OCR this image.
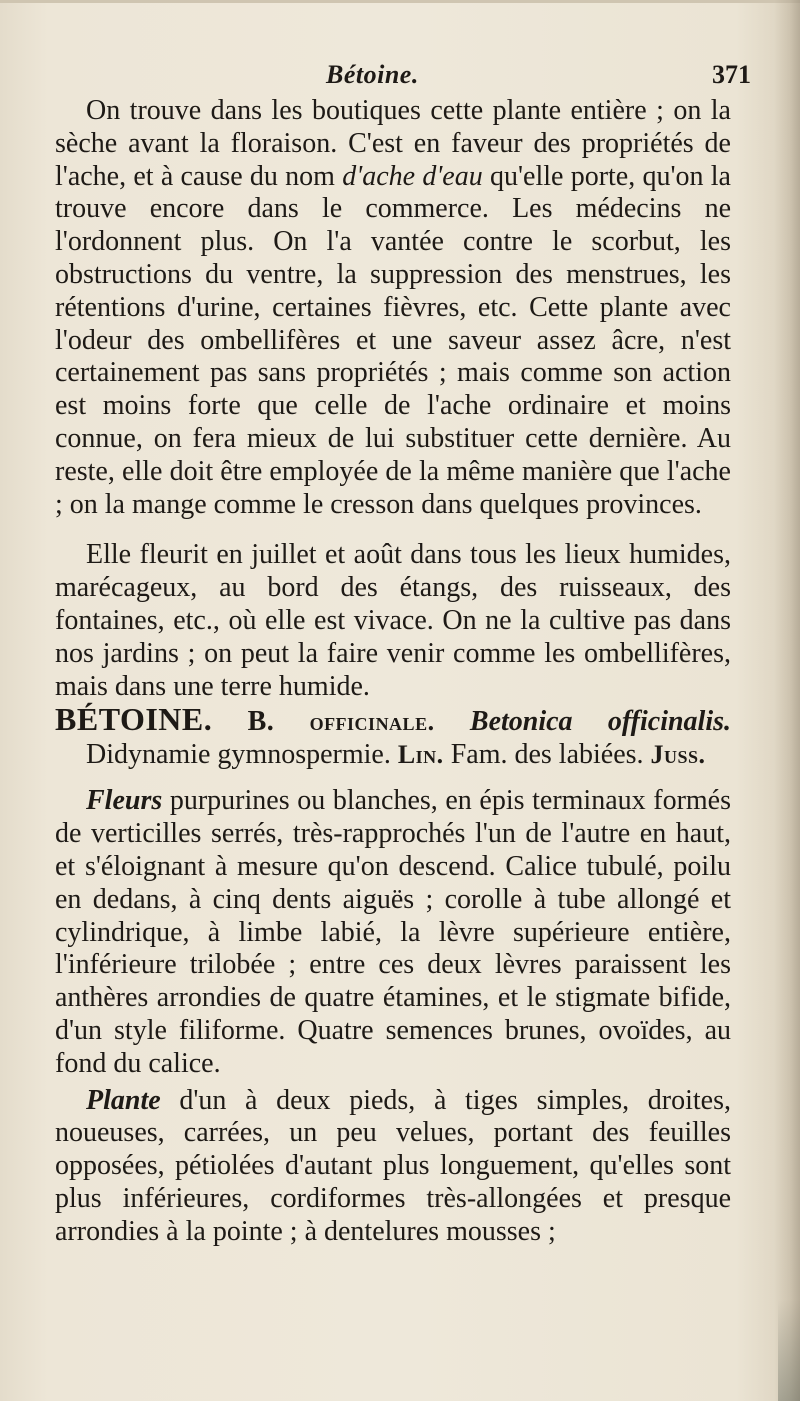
Bétoine.	371

On trouve dans les boutiques cette plante entière ; on la sèche avant la floraison. C'est en faveur des propriétés de l'ache, et à cause du nom d'ache d'eau qu'elle porte, qu'on la trouve encore dans le commerce. Les médecins ne l'ordonnent plus. On l'a vantée contre le scorbut, les obstructions du ventre, la suppression des menstrues, les rétentions d'urine, certaines fièvres, etc. Cette plante avec l'odeur des ombellifères et une saveur assez âcre, n'est certainement pas sans propriétés ; mais comme son action est moins forte que celle de l'ache ordinaire et moins connue, on fera mieux de lui substituer cette dernière. Au reste, elle doit être employée de la même manière que l'ache ; on la mange comme le cresson dans quelques provinces.

Elle fleurit en juillet et août dans tous les lieux humides, marécageux, au bord des étangs, des ruisseaux, des fontaines, etc., où elle est vivace. On ne la cultive pas dans nos jardins ; on peut la faire venir comme les ombellifères, mais dans une terre humide.

BÉTOINE. B. officinale. Betonica officinalis. Didynamie gymnospermie. Lin. Fam. des labiées. Juss.

Fleurs purpurines ou blanches, en épis terminaux formés de verticilles serrés, très-rapprochés l'un de l'autre en haut, et s'éloignant à mesure qu'on descend. Calice tubulé, poilu en dedans, à cinq dents aiguës ; corolle à tube allongé et cylindrique, à limbe labié, la lèvre supérieure entière, l'inférieure trilobée ; entre ces deux lèvres paraissent les anthères arrondies de quatre étamines, et le stigmate bifide, d'un style filiforme. Quatre semences brunes, ovoïdes, au fond du calice.

Plante d'un à deux pieds, à tiges simples, droites, noueuses, carrées, un peu velues, portant des feuilles opposées, pétiolées d'autant plus longuement, qu'elles sont plus inférieures, cordiformes très-allongées et presque arrondies à la pointe ; à dentelures mousses ;
